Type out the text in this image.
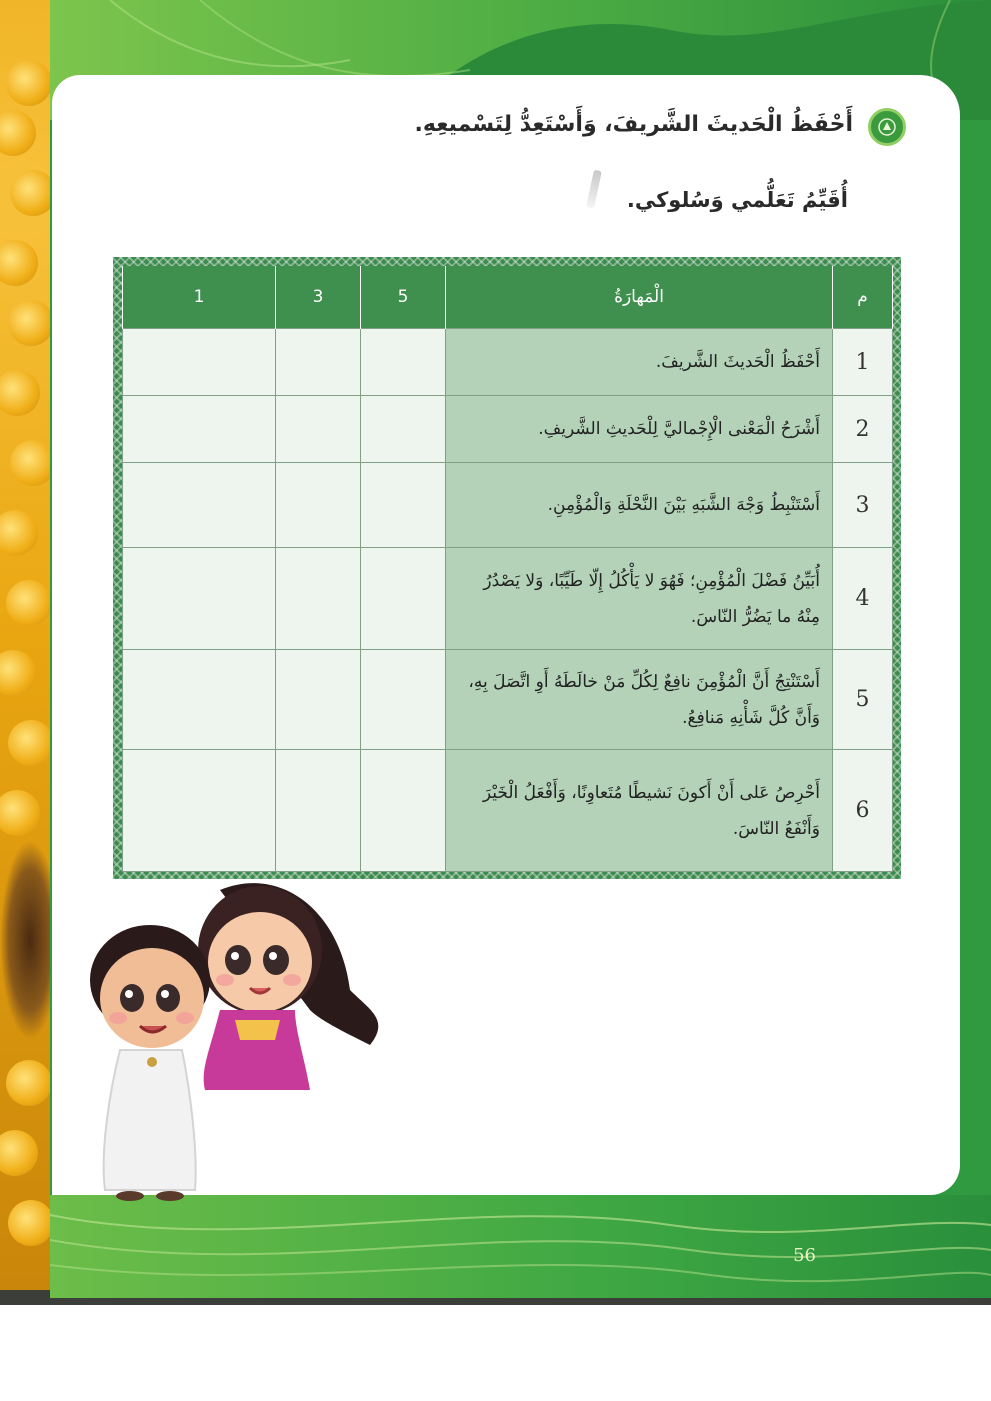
56
أَحْفَظُ الْحَديثَ الشَّريفَ، وَأَسْتَعِدُّ لِتَسْميعِهِ.
أُقَيِّمُ تَعَلُّمي وَسُلوكي.
م	الْمَهارَةُ	5	3	1
1	أَحْفَظُ الْحَديثَ الشَّريفَ.			
2	أَشْرَحُ الْمَعْنى الْإِجْماليَّ لِلْحَديثِ الشَّريفِ.			
3	أَسْتَنْبِطُ وَجْهَ الشَّبَهِ بَيْنَ النَّحْلَةِ وَالْمُؤْمِنِ.			
4	أُبَيِّنُ فَضْلَ الْمُؤْمِنِ؛ فَهُوَ لا يَأْكُلُ إِلّا طَيِّبًا، وَلا يَصْدُرُ مِنْهُ ما يَضُرُّ النّاسَ.			
5	أَسْتَنْتِجُ أَنَّ الْمُؤْمِنَ نافِعٌ لِكُلِّ مَنْ خالَطَهُ أَوِ اتَّصَلَ بِهِ، وَأَنَّ كُلَّ شَأْنِهِ مَنافِعُ.			
6	أَحْرِصُ عَلى أَنْ أَكونَ نَشيطًا مُتَعاوِنًا، وَأَفْعَلُ الْخَيْرَ وَأَنْفَعُ النّاسَ.			
